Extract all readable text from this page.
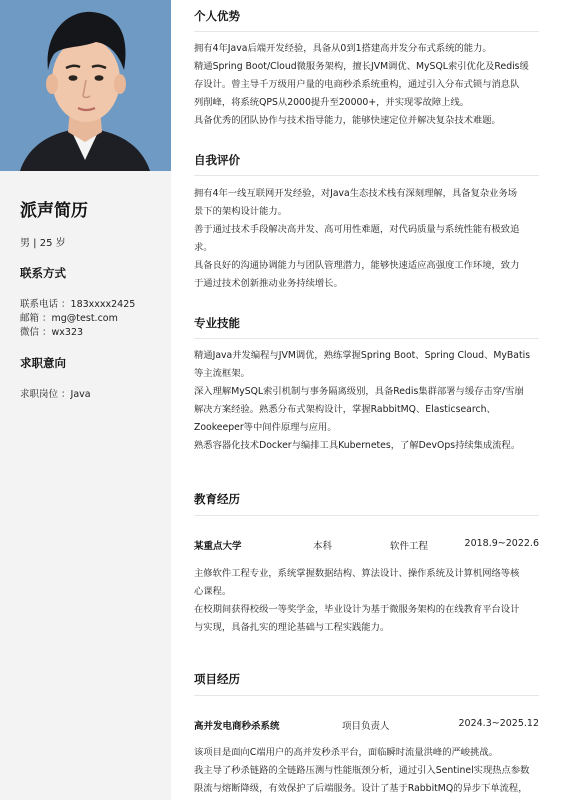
派声简历
男 | 25 岁
联系方式
联系电话 ：183xxxx2425
邮箱 ：mg@test.com
微信 ：wx323
求职意向
求职岗位 ：Java
个人优势

拥有4年Java后端开发经验，具备从0到1搭建高并发分布式系统的能力。

精通Spring Boot/Cloud微服务架构，擅长JVM调优、MySQL索引优化及Redis缓

存设计。曾主导千万级用户量的电商秒杀系统重构，通过引入分布式锁与消息队

列削峰，将系统QPS从2000提升至20000+，并实现零故障上线。

具备优秀的团队协作与技术指导能力，能够快速定位并解决复杂技术难题。

自我评价

拥有4年一线互联网开发经验，对Java生态技术栈有深刻理解，具备复杂业务场

景下的架构设计能力。

善于通过技术手段解决高并发、高可用性难题，对代码质量与系统性能有极致追

求。

具备良好的沟通协调能力与团队管理潜力，能够快速适应高强度工作环境，致力

于通过技术创新推动业务持续增长。

专业技能

精通Java并发编程与JVM调优，熟练掌握Spring Boot、Spring Cloud、MyBatis

等主流框架。

深入理解MySQL索引机制与事务隔离级别，具备Redis集群部署与缓存击穿/雪崩

解决方案经验。熟悉分布式架构设计，掌握RabbitMQ、Elasticsearch、

Zookeeper等中间件原理与应用。

熟悉容器化技术Docker与编排工具Kubernetes，了解DevOps持续集成流程。

教育经历
某重点大学	本科	软件工程	2018.9~2022.6

主修软件工程专业，系统掌握数据结构、算法设计、操作系统及计算机网络等核

心课程。

在校期间获得校级一等奖学金，毕业设计为基于微服务架构的在线教育平台设计

与实现，具备扎实的理论基础与工程实践能力。

项目经历
高并发电商秒杀系统	项目负责人	2024.3~2025.12

该项目是面向C端用户的高并发秒杀平台，面临瞬时流量洪峰的严峻挑战。

我主导了秒杀链路的全链路压测与性能瓶颈分析，通过引入Sentinel实现热点参数

限流与熔断降级，有效保护了后端服务。设计了基于RabbitMQ的异步下单流程，
